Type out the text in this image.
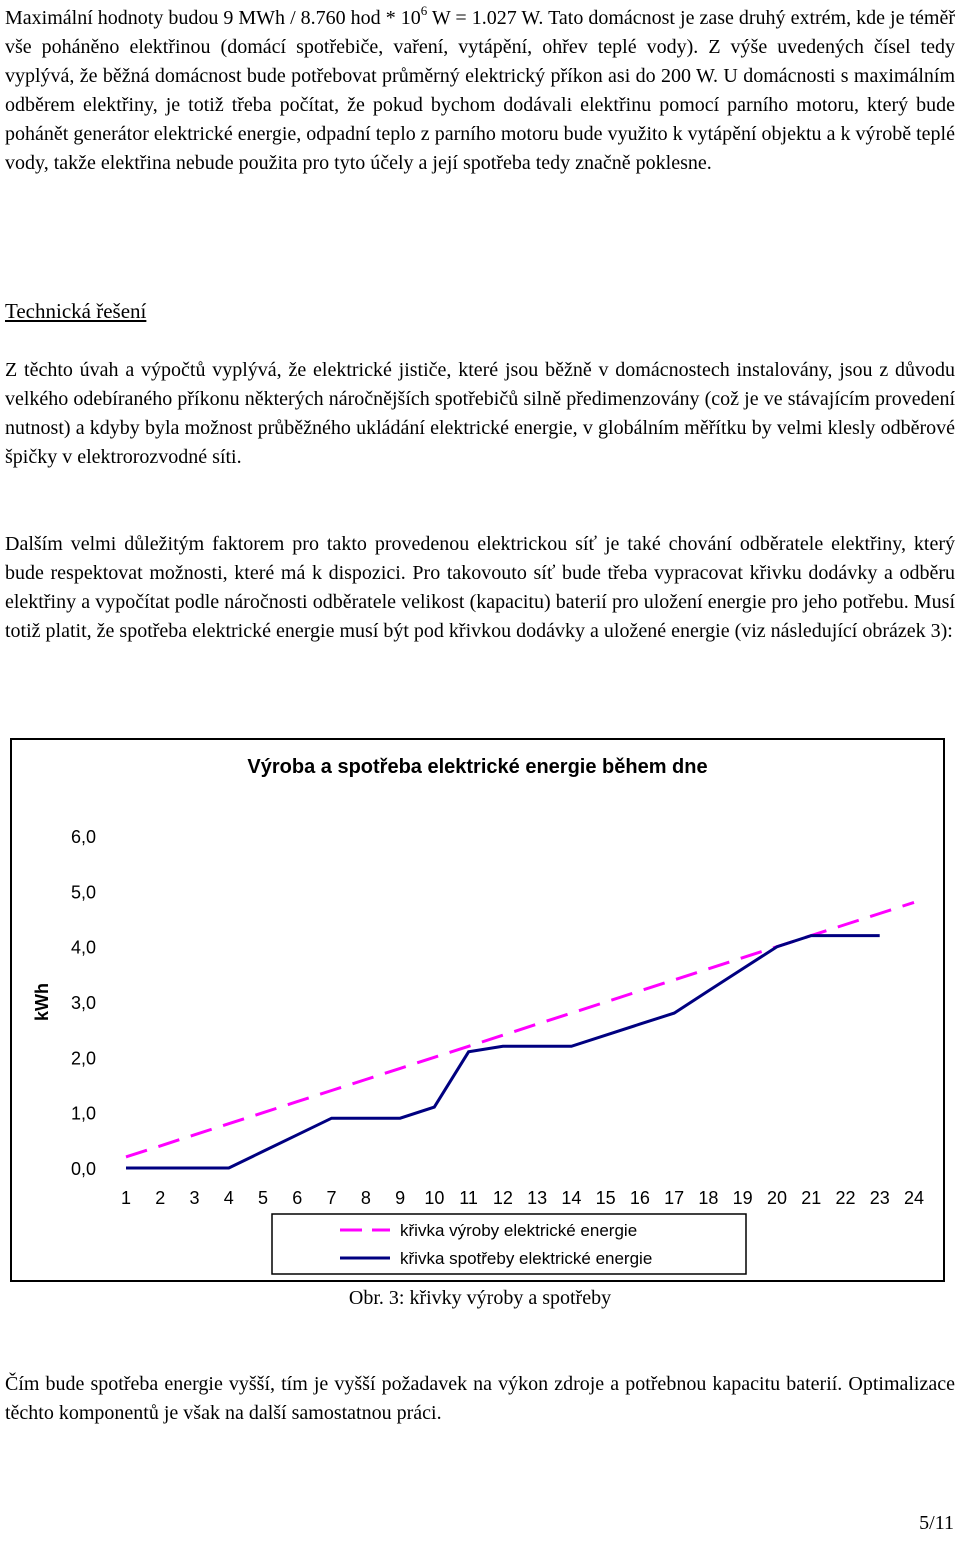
Maximální hodnoty budou 9 MWh / 8.760 hod * $10^6$ W = 1.027 W. Tato domácnost je zase druhý extrém, kde je téměř vše poháněno elektřinou (domácí spotřebiče, vaření, vytápění, ohřev teplé vody). Z výše uvedených čísel tedy vyplývá, že běžná domácnost bude potřebovat průměrný elektrický příkon asi do 200 W. U domácnosti s maximálním odběrem elektřiny, je totiž třeba počítat, že pokud bychom dodávali elektřinu pomocí parního motoru, který bude pohánět generátor elektrické energie, odpadní teplo z parního motoru bude využito k vytápění objektu a k výrobě teplé vody, takže elektřina nebude použita pro tyto účely a její spotřeba tedy značně poklesne.

Technická řešení

Z těchto úvah a výpočtů vyplývá, že elektrické jističe, které jsou běžně v domácnostech instalovány, jsou z důvodu velkého odebíraného příkonu některých náročnějších spotřebičů silně předimenzovány (což je ve stávajícím provedení nutnost) a kdyby byla možnost průběžného ukládání elektrické energie, v globálním měřítku by velmi klesly odběrové špičky v elektrorozvodné síti.

Dalším velmi důležitým faktorem pro takto provedenou elektrickou síť je také chování odběratele elektřiny, který bude respektovat možnosti, které má k dispozici. Pro takovouto síť bude třeba vypracovat křivku dodávky a odběru elektřiny a vypočítat podle náročnosti odběratele velikost (kapacitu) baterií pro uložení energie pro jeho potřebu. Musí totiž platit, že spotřeba elektrické energie musí být pod křivkou dodávky a uložené energie (viz následující obrázek 3):

Výroba a spotřeba elektrické energie během dne
0,0
1,0
2,0
3,0
4,0
5,0
6,0
kWh
1 2 3 4 5 6 7 8 9 10 11 12 13 14 15 16 17 18 19 20 21 22 23 24
křivka výroby elektrické energie
křivka spotřeby elektrické energie
Obr. 3: křivky výroby a spotřeby

Čím bude spotřeba energie vyšší, tím je vyšší požadavek na výkon zdroje a potřebnou kapacitu baterií. Optimalizace těchto komponentů je však na další samostatnou práci.

5/11
